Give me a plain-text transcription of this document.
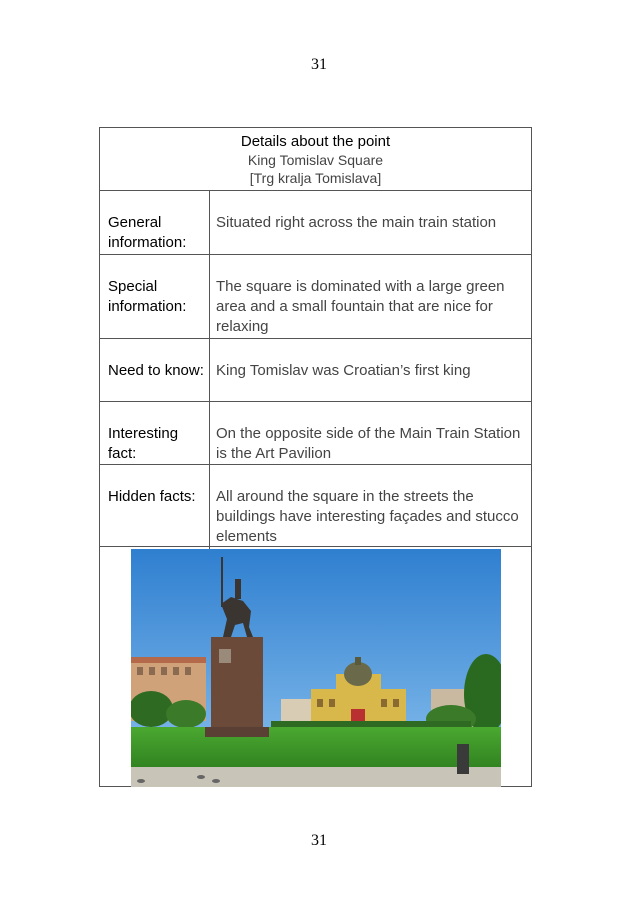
31
Details about the point
King Tomislav Square
[Trg kralja Tomislava]
General information:
Situated right across the main train station
Special information:
The square is dominated with a large green area and a small fountain that are nice for relaxing
Need to know: King Tomislav was Croatian’s first king
Interesting fact:
On the opposite side of the Main Train Station is the Art Pavilion
Hidden facts:	All around the square in the streets the buildings have interesting façades and stucco elements
31
